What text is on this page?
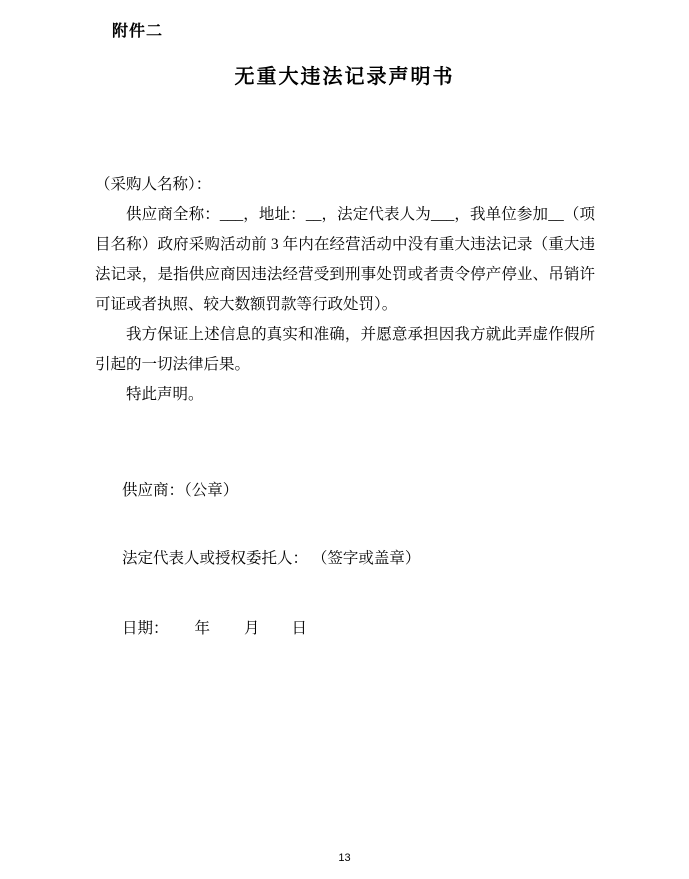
附件二
无重大违法记录声明书

（采购人名称）：

供应商全称：___，地址：__，法定代表人为___，我单位参加__（项目名称）政府采购活动前 3 年内在经营活动中没有重大违法记录（重大违法记录，是指供应商因违法经营受到刑事处罚或者责令停产停业、吊销许可证或者执照、较大数额罚款等行政处罚）。

我方保证上述信息的真实和准确，并愿意承担因我方就此弄虚作假所引起的一切法律后果。

特此声明。

供应商：（公章）
法定代表人或授权委托人： （签字或盖章）
日期： 年 月 日
13
